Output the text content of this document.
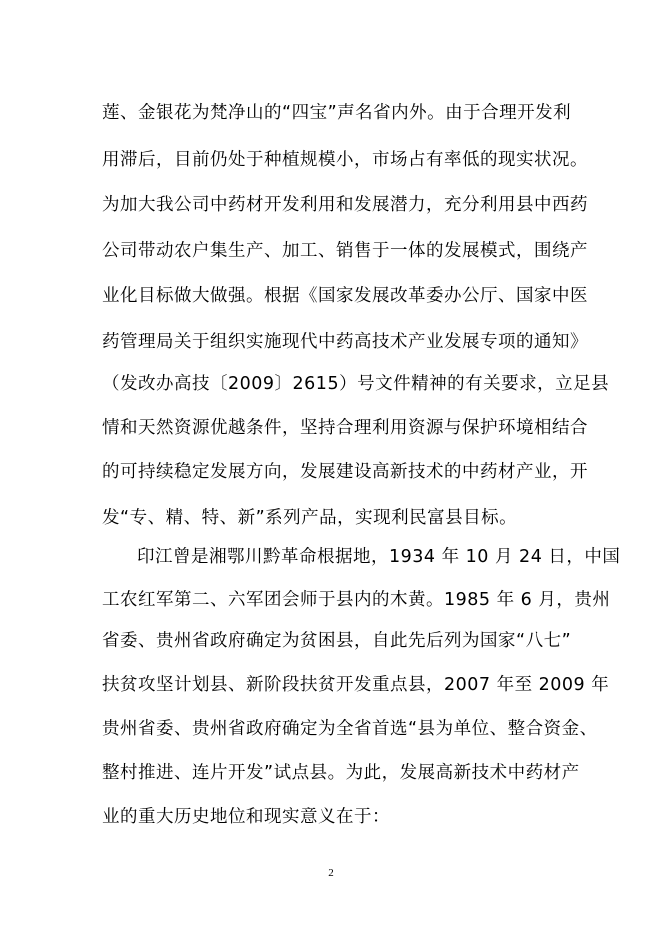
莲、金银花为梵净山的“四宝”声名省内外。由于合理开发利
用滞后，目前仍处于种植规模小，市场占有率低的现实状况。
为加大我公司中药材开发利用和发展潜力，充分利用县中西药
公司带动农户集生产、加工、销售于一体的发展模式，围绕产
业化目标做大做强。根据《国家发展改革委办公厅、国家中医
药管理局关于组织实施现代中药高技术产业发展专项的通知》
（发改办高技〔2009〕2615）号文件精神的有关要求，立足县
情和天然资源优越条件，坚持合理利用资源与保护环境相结合
的可持续稳定发展方向，发展建设高新技术的中药材产业，开
发“专、精、特、新”系列产品，实现利民富县目标。
印江曾是湘鄂川黔革命根据地，1934 年 10 月 24 日，中国
工农红军第二、六军团会师于县内的木黄。1985 年 6 月，贵州
省委、贵州省政府确定为贫困县，自此先后列为国家“八七”
扶贫攻坚计划县、新阶段扶贫开发重点县，2007 年至 2009 年
贵州省委、贵州省政府确定为全省首选“县为单位、整合资金、
整村推进、连片开发”试点县。为此，发展高新技术中药材产
业的重大历史地位和现实意义在于：
2
